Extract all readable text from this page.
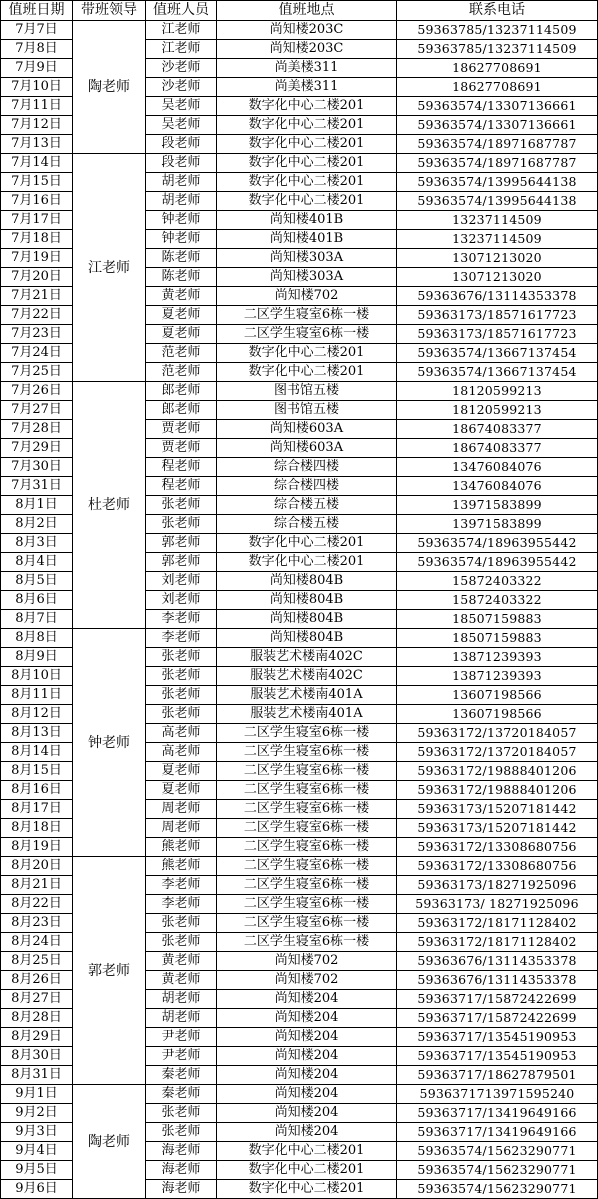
值班日期	带班领导	值班人员	值班地点	联系电话
7月7日	陶老师	江老师	尚知楼203C	59363785/13237114509
7月8日		江老师	尚知楼203C	59363785/13237114509
7月9日		沙老师	尚美楼311	18627708691
7月10日		沙老师	尚美楼311	18627708691
7月11日		吴老师	数字化中心二楼201	59363574/13307136661
7月12日		吴老师	数字化中心二楼201	59363574/13307136661
7月13日		段老师	数字化中心二楼201	59363574/18971687787
7月14日	江老师	段老师	数字化中心二楼201	59363574/18971687787
7月15日		胡老师	数字化中心二楼201	59363574/13995644138
7月16日		胡老师	数字化中心二楼201	59363574/13995644138
7月17日		钟老师	尚知楼401B	13237114509
7月18日		钟老师	尚知楼401B	13237114509
7月19日		陈老师	尚知楼303A	13071213020
7月20日		陈老师	尚知楼303A	13071213020
7月21日		黄老师	尚知楼702	59363676/13114353378
7月22日		夏老师	二区学生寝室6栋一楼	59363173/18571617723
7月23日		夏老师	二区学生寝室6栋一楼	59363173/18571617723
7月24日		范老师	数字化中心二楼201	59363574/13667137454
7月25日		范老师	数字化中心二楼201	59363574/13667137454
7月26日	杜老师	郎老师	图书馆五楼	18120599213
7月27日		郎老师	图书馆五楼	18120599213
7月28日		贾老师	尚知楼603A	18674083377
7月29日		贾老师	尚知楼603A	18674083377
7月30日		程老师	综合楼四楼	13476084076
7月31日		程老师	综合楼四楼	13476084076
8月1日		张老师	综合楼五楼	13971583899
8月2日		张老师	综合楼五楼	13971583899
8月3日		郭老师	数字化中心二楼201	59363574/18963955442
8月4日		郭老师	数字化中心二楼201	59363574/18963955442
8月5日		刘老师	尚知楼804B	15872403322
8月6日		刘老师	尚知楼804B	15872403322
8月7日		李老师	尚知楼804B	18507159883
8月8日	钟老师	李老师	尚知楼804B	18507159883
8月9日		张老师	服装艺术楼南402C	13871239393
8月10日		张老师	服装艺术楼南402C	13871239393
8月11日		张老师	服装艺术楼南401A	13607198566
8月12日		张老师	服装艺术楼南401A	13607198566
8月13日		高老师	二区学生寝室6栋一楼	59363172/13720184057
8月14日		高老师	二区学生寝室6栋一楼	59363172/13720184057
8月15日		夏老师	二区学生寝室6栋一楼	59363172/19888401206
8月16日		夏老师	二区学生寝室6栋一楼	59363172/19888401206
8月17日		周老师	二区学生寝室6栋一楼	59363173/15207181442
8月18日		周老师	二区学生寝室6栋一楼	59363173/15207181442
8月19日		熊老师	二区学生寝室6栋一楼	59363172/13308680756
8月20日	郭老师	熊老师	二区学生寝室6栋一楼	59363172/13308680756
8月21日		李老师	二区学生寝室6栋一楼	59363173/18271925096
8月22日		李老师	二区学生寝室6栋一楼	59363173/ 18271925096
8月23日		张老师	二区学生寝室6栋一楼	59363172/18171128402
8月24日		张老师	二区学生寝室6栋一楼	59363172/18171128402
8月25日		黄老师	尚知楼702	59363676/13114353378
8月26日		黄老师	尚知楼702	59363676/13114353378
8月27日		胡老师	尚知楼204	59363717/15872422699
8月28日		胡老师	尚知楼204	59363717/15872422699
8月29日		尹老师	尚知楼204	59363717/13545190953
8月30日		尹老师	尚知楼204	59363717/13545190953
8月31日		秦老师	尚知楼204	59363717/18627879501
9月1日	陶老师	秦老师	尚知楼204	593637171397159524​0
9月2日		张老师	尚知楼204	59363717/13419649166
9月3日		张老师	尚知楼204	59363717/13419649166
9月4日		海老师	数字化中心二楼201	59363574/15623290771
9月5日		海老师	数字化中心二楼201	59363574/15623290771
9月6日		海老师	数字化中心二楼201	59363574/15623290771
